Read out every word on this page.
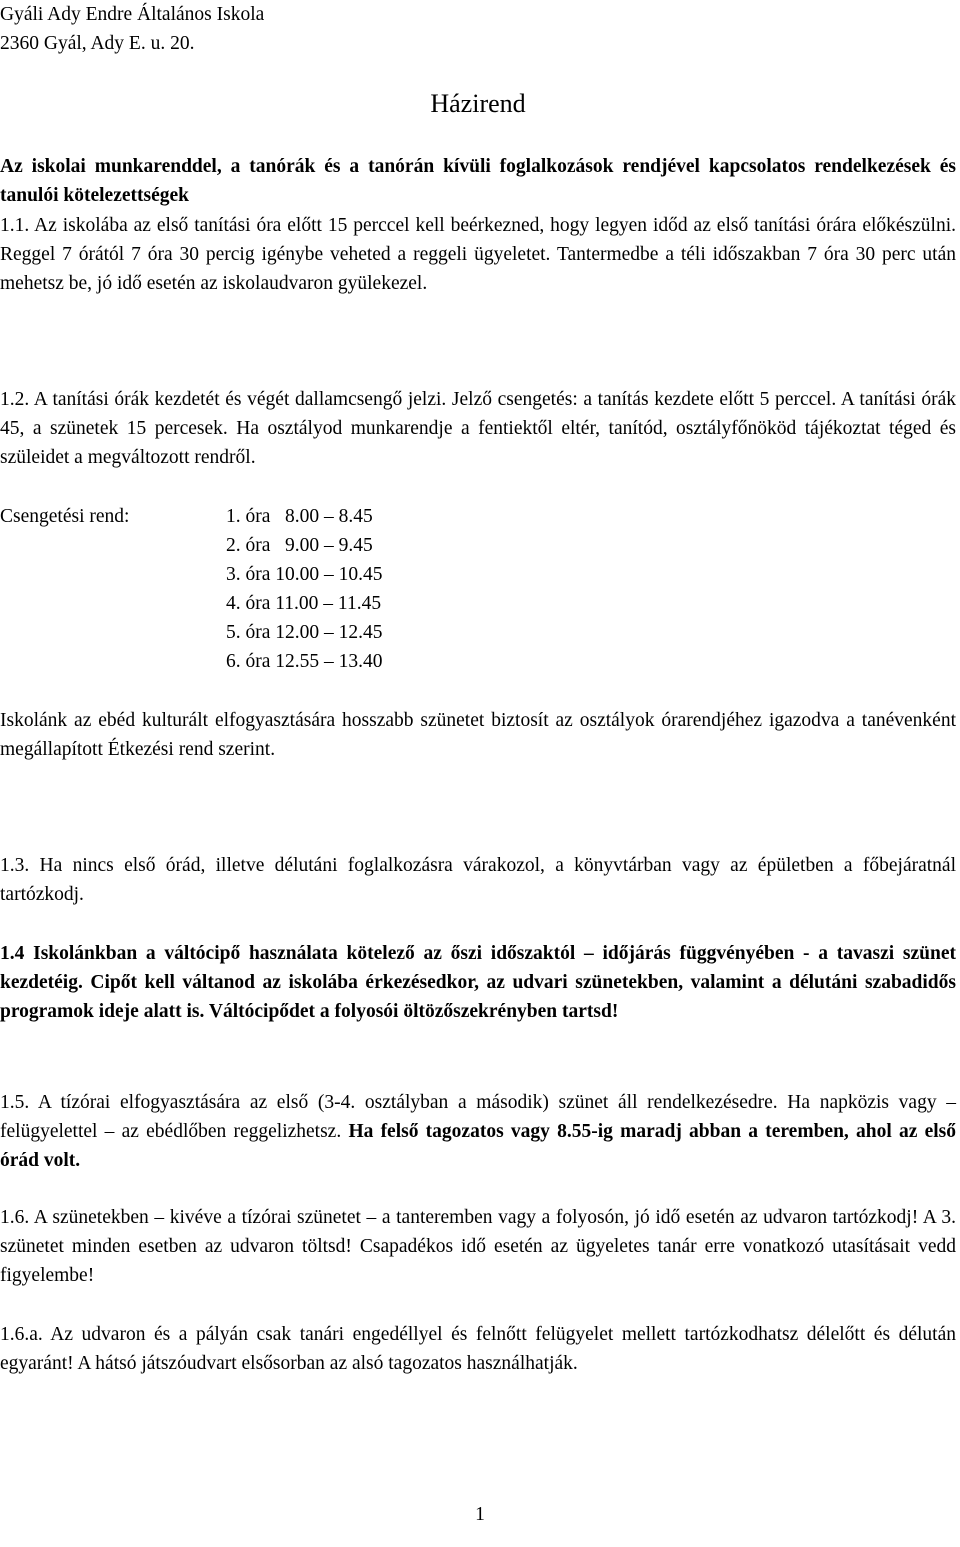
Gyáli Ady Endre Általános Iskola
2360 Gyál, Ady E. u. 20.
Házirend

Az iskolai munkarenddel, a tanórák és a tanórán kívüli foglalkozások rendjével kapcsolatos rendelkezések és tanulói kötelezettségek

1.1. Az iskolába az első tanítási óra előtt 15 perccel kell beérkezned, hogy legyen időd az első tanítási órára előkészülni. Reggel 7 órától 7 óra 30 percig igénybe veheted a reggeli ügyeletet. Tantermedbe a téli időszakban 7 óra 30 perc után mehetsz be, jó idő esetén az iskolaudvaron gyülekezel.

1.2. A tanítási órák kezdetét és végét dallamcsengő jelzi. Jelző csengetés: a tanítás kezdete előtt 5 perccel. A tanítási órák 45, a szünetek 15 percesek. Ha osztályod munkarendje a fentiektől eltér, tanítód, osztályfőnököd tájékoztat téged és szüleidet a megváltozott rendről.

Csengetési rend:	1. óra   8.00 – 8.45
2. óra   9.00 – 9.45
3. óra 10.00 – 10.45
4. óra 11.00 – 11.45
5. óra 12.00 – 12.45
6. óra 12.55 – 13.40

Iskolánk az ebéd kulturált elfogyasztására hosszabb szünetet biztosít az osztályok órarendjéhez igazodva a tanévenként megállapított Étkezési rend szerint.

1.3. Ha nincs első órád, illetve délutáni foglalkozásra várakozol, a könyvtárban vagy az épületben a főbejáratnál tartózkodj.

1.4 Iskolánkban a váltócipő használata kötelező az őszi időszaktól – időjárás függvényében - a tavaszi szünet kezdetéig. Cipőt kell váltanod az iskolába érkezésedkor, az udvari szünetekben, valamint a délutáni szabadidős programok ideje alatt is. Váltócipődet a folyosói öltözőszekrényben tartsd!

1.5. A tízórai elfogyasztására az első (3-4. osztályban a második) szünet áll rendelkezésedre. Ha napközis vagy – felügyelettel – az ebédlőben reggelizhetsz. Ha felső tagozatos vagy 8.55-ig maradj abban a teremben, ahol az első órád volt.

1.6. A szünetekben – kivéve a tízórai szünetet – a tanteremben vagy a folyosón, jó idő esetén az udvaron tartózkodj! A 3. szünetet minden esetben az udvaron töltsd! Csapadékos idő esetén az ügyeletes tanár erre vonatkozó utasításait vedd figyelembe!

1.6.a. Az udvaron és a pályán csak tanári engedéllyel és felnőtt felügyelet mellett tartózkodhatsz délelőtt és délután egyaránt! A hátsó játszóudvart elsősorban az alsó tagozatos használhatják.

1
